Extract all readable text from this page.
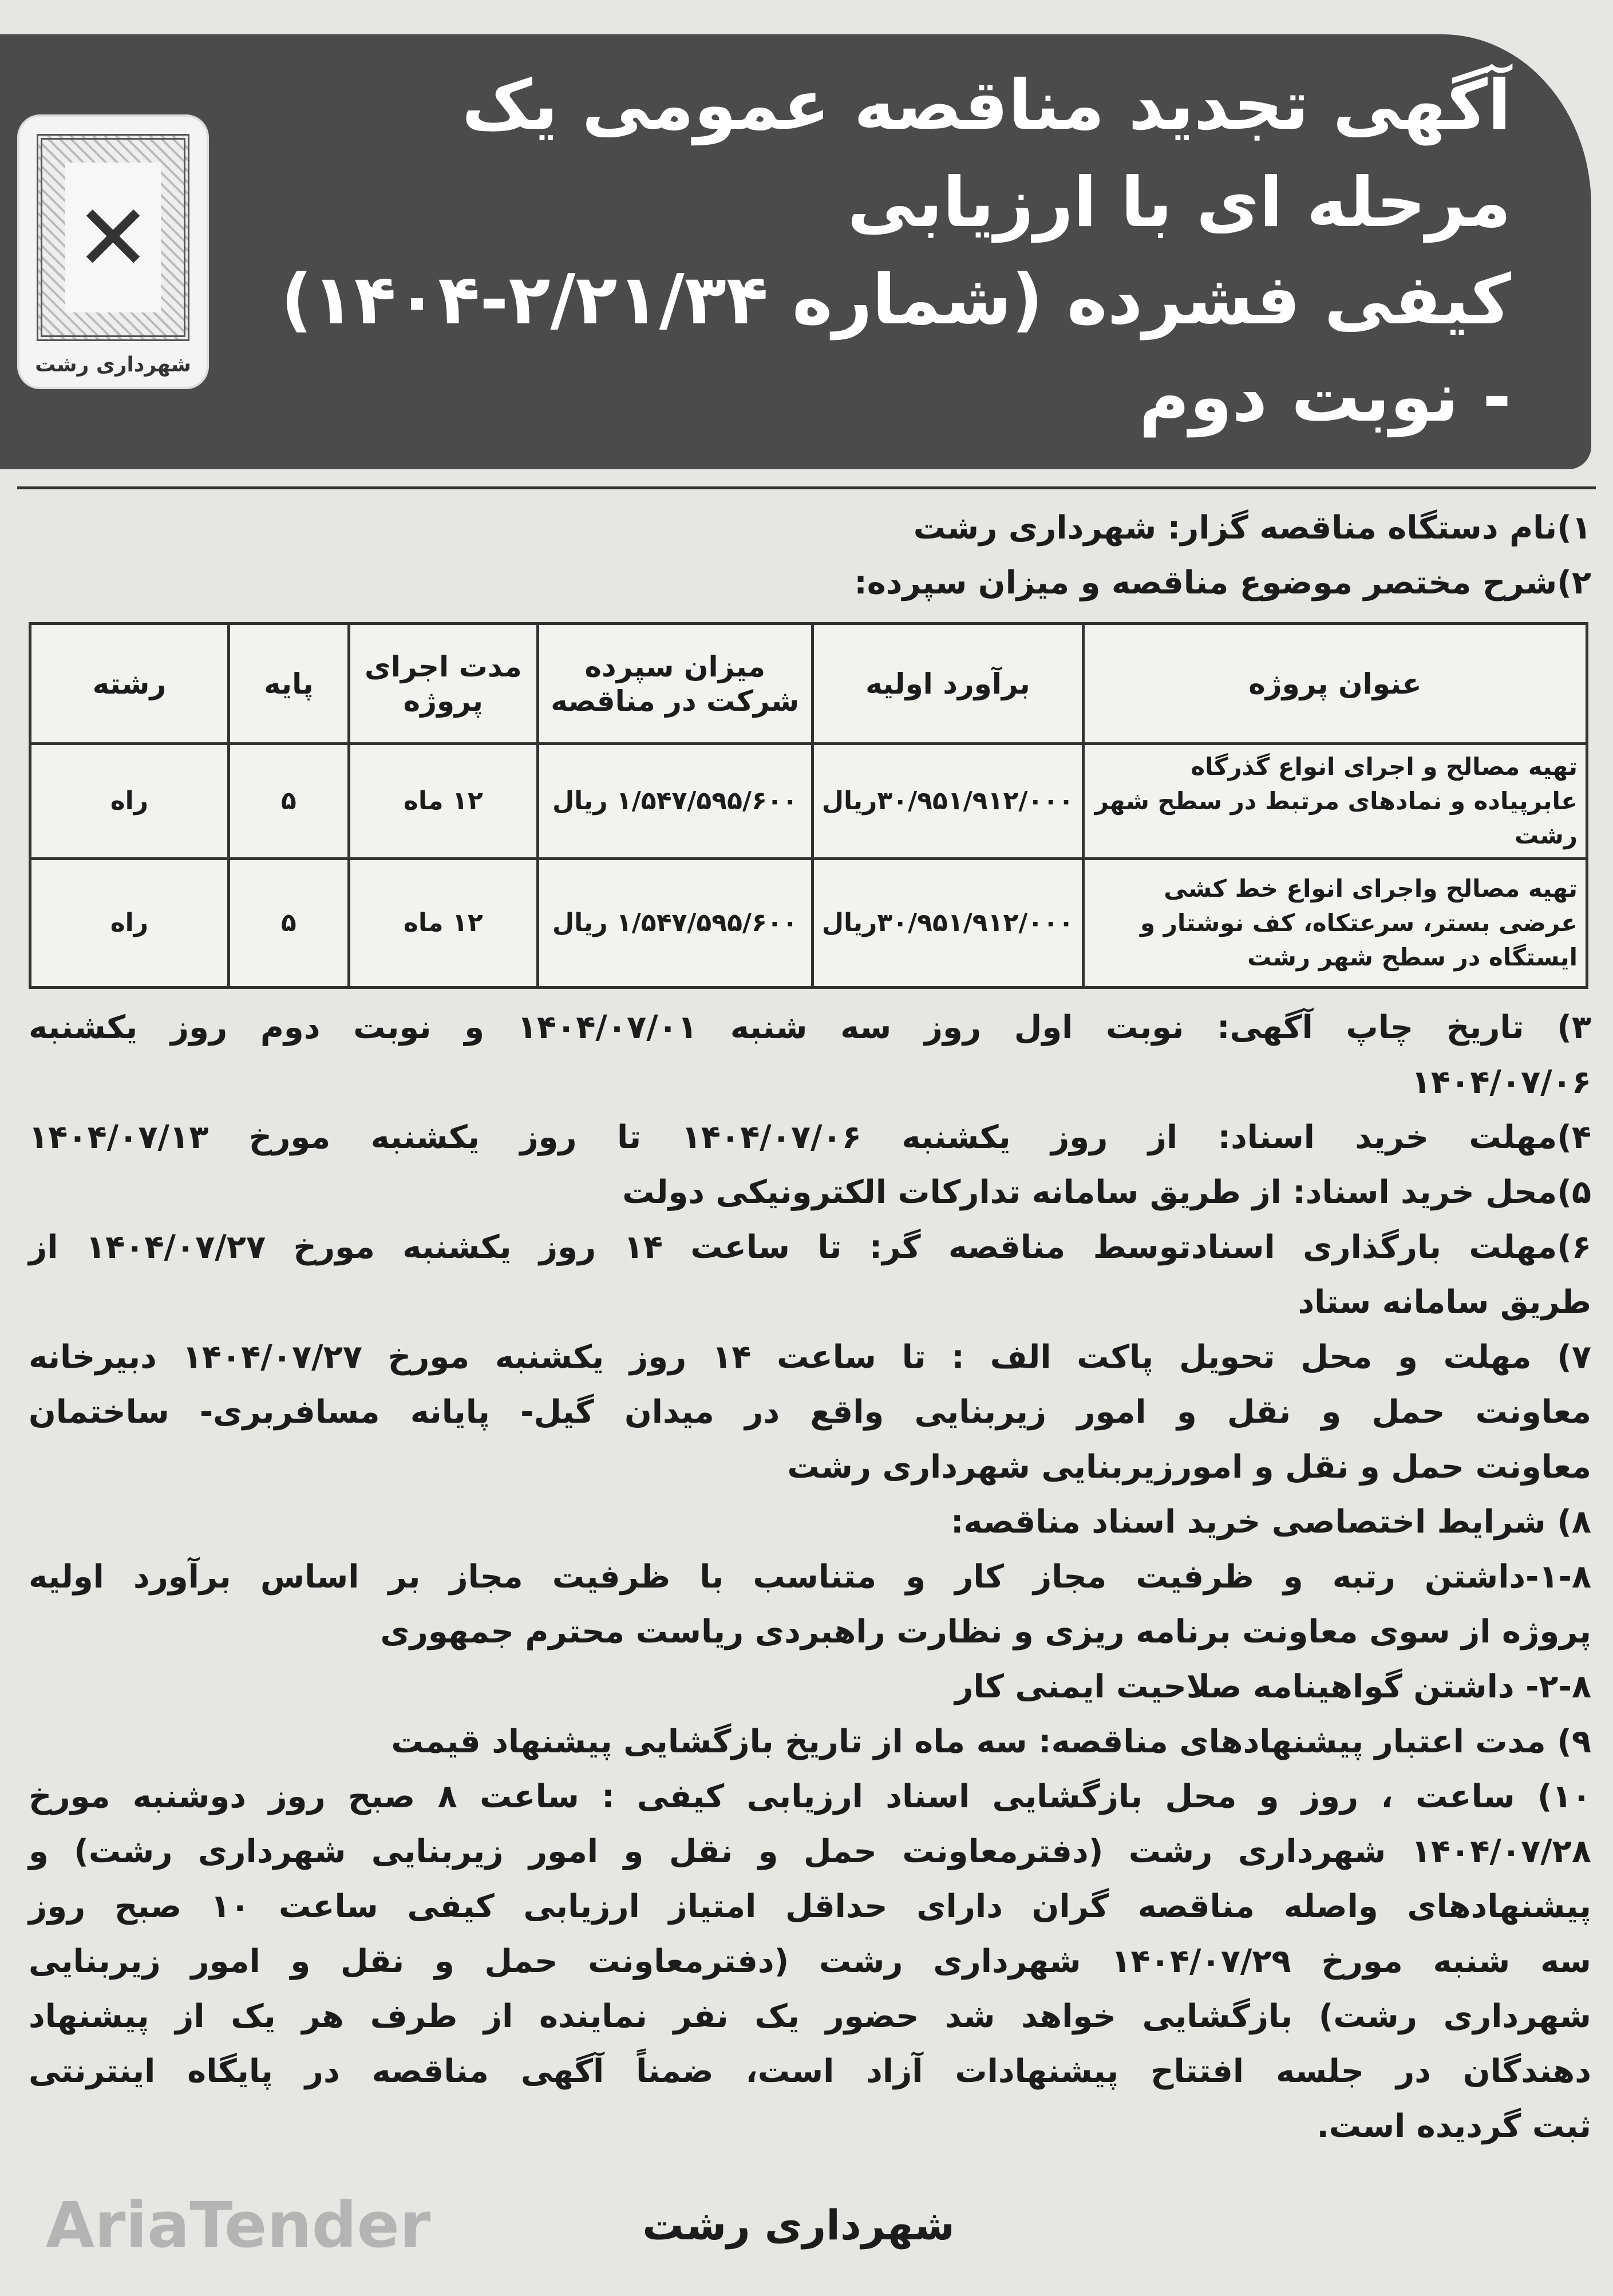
✕
شهرداری رشت
آگهی تجدید مناقصه عمومی یک مرحله ای با ارزیابی
کیفی فشرده (شماره ۲/۲۱/۳۴-۱۴۰۴) - نوبت دوم
۱)نام دستگاه مناقصه گزار: شهرداری رشت
۲)شرح مختصر موضوع مناقصه و میزان سپرده:
عنوان پروژه	برآورد اولیه	میزان سپرده شرکت در مناقصه	مدت اجرای پروژه	پایه	رشته
تهیه مصالح و اجرای انواع گذرگاه عابرپیاده و نمادهای مرتبط در سطح شهر رشت	۳۰/۹۵۱/۹۱۲/۰۰۰ریال	۱/۵۴۷/۵۹۵/۶۰۰ ریال	۱۲ ماه	۵	راه
تهیه مصالح واجرای انواع خط کشی عرضی بستر، سرعتکاه، کف نوشتار و ایستگاه در سطح شهر رشت	۳۰/۹۵۱/۹۱۲/۰۰۰ریال	۱/۵۴۷/۵۹۵/۶۰۰ ریال	۱۲ ماه	۵	راه
۳) تاریخ چاپ آگهی: نوبت اول روز سه شنبه ۱۴۰۴/۰۷/۰۱ و نوبت دوم روز یکشنبه
۱۴۰۴/۰۷/۰۶
۴)مهلت خرید اسناد: از روز یکشنبه ۱۴۰۴/۰۷/۰۶ تا روز یکشنبه مورخ ۱۴۰۴/۰۷/۱۳
۵)محل خرید اسناد: از طریق سامانه تدارکات الکترونیکی دولت
۶)مهلت بارگذاری اسنادتوسط مناقصه گر: تا ساعت ۱۴ روز یکشنبه مورخ ۱۴۰۴/۰۷/۲۷ از
طریق سامانه ستاد
۷) مهلت و محل تحویل پاکت الف : تا ساعت ۱۴ روز یکشنبه مورخ ۱۴۰۴/۰۷/۲۷ دبیرخانه
معاونت حمل و نقل و امور زیربنایی واقع در میدان گیل- پایانه مسافربری- ساختمان
معاونت حمل و نقل و امورزیربنایی شهرداری رشت
۸) شرایط اختصاصی خرید اسناد مناقصه:
۱-۸-داشتن رتبه و ظرفیت مجاز کار و متناسب با ظرفیت مجاز بر اساس برآورد اولیه
پروژه از سوی معاونت برنامه ریزی و نظارت راهبردی ریاست محترم جمهوری
۲-۸- داشتن گواهینامه صلاحیت ایمنی کار
۹) مدت اعتبار پیشنهادهای مناقصه: سه ماه از تاریخ بازگشایی پیشنهاد قیمت
۱۰) ساعت ، روز و محل بازگشایی اسناد ارزیابی کیفی : ساعت ۸ صبح روز دوشنبه مورخ
۱۴۰۴/۰۷/۲۸ شهرداری رشت (دفترمعاونت حمل و نقل و امور زیربنایی شهرداری رشت) و
پیشنهادهای واصله مناقصه گران دارای حداقل امتیاز ارزیابی کیفی ساعت ۱۰ صبح روز
سه شنبه مورخ ۱۴۰۴/۰۷/۲۹ شهرداری رشت (دفترمعاونت حمل و نقل و امور زیربنایی
شهرداری رشت) بازگشایی خواهد شد حضور یک نفر نماینده از طرف هر یک از پیشنهاد
دهندگان در جلسه افتتاح پیشنهادات آزاد است، ضمناً آگهی مناقصه در پایگاه اینترنتی
ثبت گردیده است.
AriaTender	شهرداری رشت
